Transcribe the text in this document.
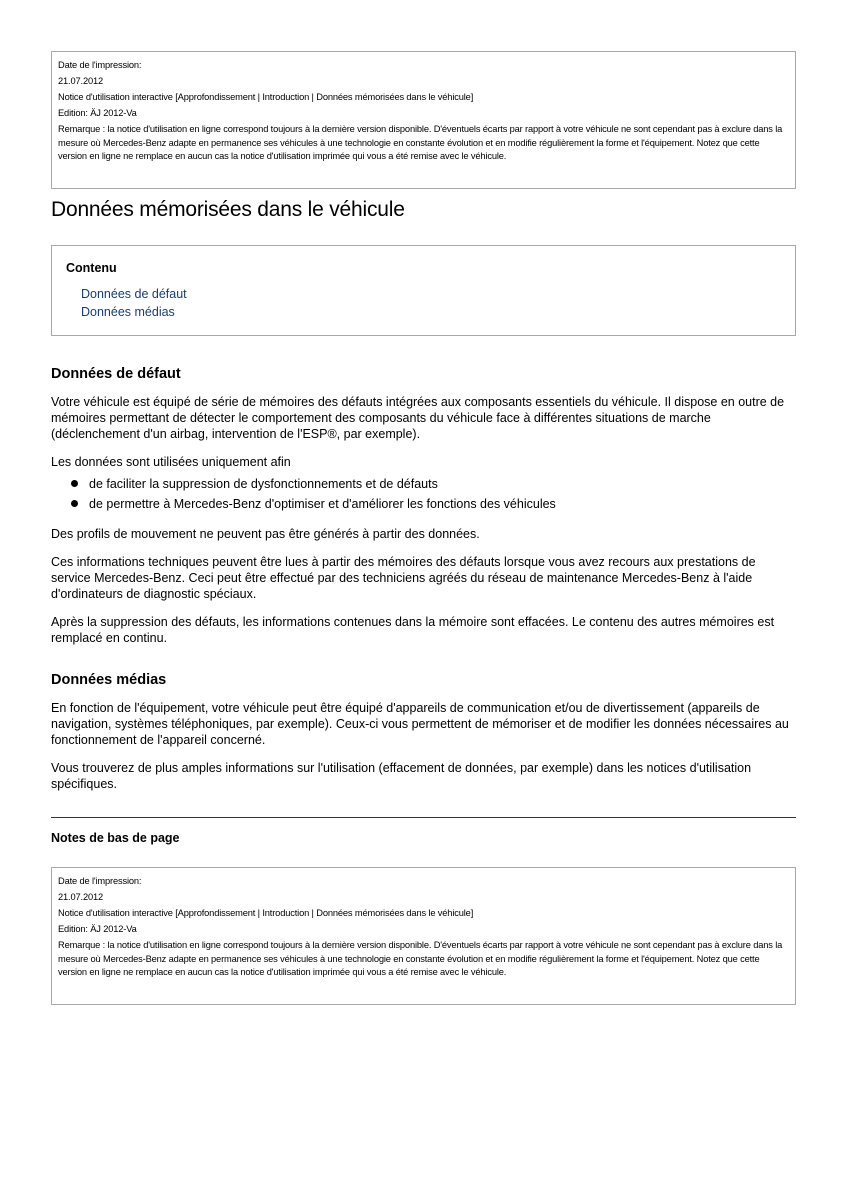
Date de l'impression:
21.07.2012
Notice d'utilisation interactive [Approfondissement | Introduction | Données mémorisées dans le véhicule]
Edition: ÄJ 2012-Va
Remarque : la notice d'utilisation en ligne correspond toujours à la dernière version disponible. D'éventuels écarts par rapport à votre véhicule ne sont cependant pas à exclure dans la mesure où Mercedes-Benz adapte en permanence ses véhicules à une technologie en constante évolution et en modifie régulièrement la forme et l'équipement. Notez que cette version en ligne ne remplace en aucun cas la notice d'utilisation imprimée qui vous a été remise avec le véhicule.
Données mémorisées dans le véhicule
Contenu
Données de défaut
Données médias
Données de défaut

Votre véhicule est équipé de série de mémoires des défauts intégrées aux composants essentiels du véhicule. Il dispose en outre de mémoires permettant de détecter le comportement des composants du véhicule face à différentes situations de marche (déclenchement d'un airbag, intervention de l'ESP®, par exemple).

Les données sont utilisées uniquement afin

de faciliter la suppression de dysfonctionnements et de défauts
de permettre à Mercedes-Benz d'optimiser et d'améliorer les fonctions des véhicules

Des profils de mouvement ne peuvent pas être générés à partir des données.

Ces informations techniques peuvent être lues à partir des mémoires des défauts lorsque vous avez recours aux prestations de service Mercedes-Benz. Ceci peut être effectué par des techniciens agréés du réseau de maintenance Mercedes-Benz à l'aide d'ordinateurs de diagnostic spéciaux.

Après la suppression des défauts, les informations contenues dans la mémoire sont effacées. Le contenu des autres mémoires est remplacé en continu.

Données médias

En fonction de l'équipement, votre véhicule peut être équipé d'appareils de communication et/ou de divertissement (appareils de navigation, systèmes téléphoniques, par exemple). Ceux-ci vous permettent de mémoriser et de modifier les données nécessaires au fonctionnement de l'appareil concerné.

Vous trouverez de plus amples informations sur l'utilisation (effacement de données, par exemple) dans les notices d'utilisation spécifiques.

Notes de bas de page
Date de l'impression:
21.07.2012
Notice d'utilisation interactive [Approfondissement | Introduction | Données mémorisées dans le véhicule]
Edition: ÄJ 2012-Va
Remarque : la notice d'utilisation en ligne correspond toujours à la dernière version disponible. D'éventuels écarts par rapport à votre véhicule ne sont cependant pas à exclure dans la mesure où Mercedes-Benz adapte en permanence ses véhicules à une technologie en constante évolution et en modifie régulièrement la forme et l'équipement. Notez que cette version en ligne ne remplace en aucun cas la notice d'utilisation imprimée qui vous a été remise avec le véhicule.
